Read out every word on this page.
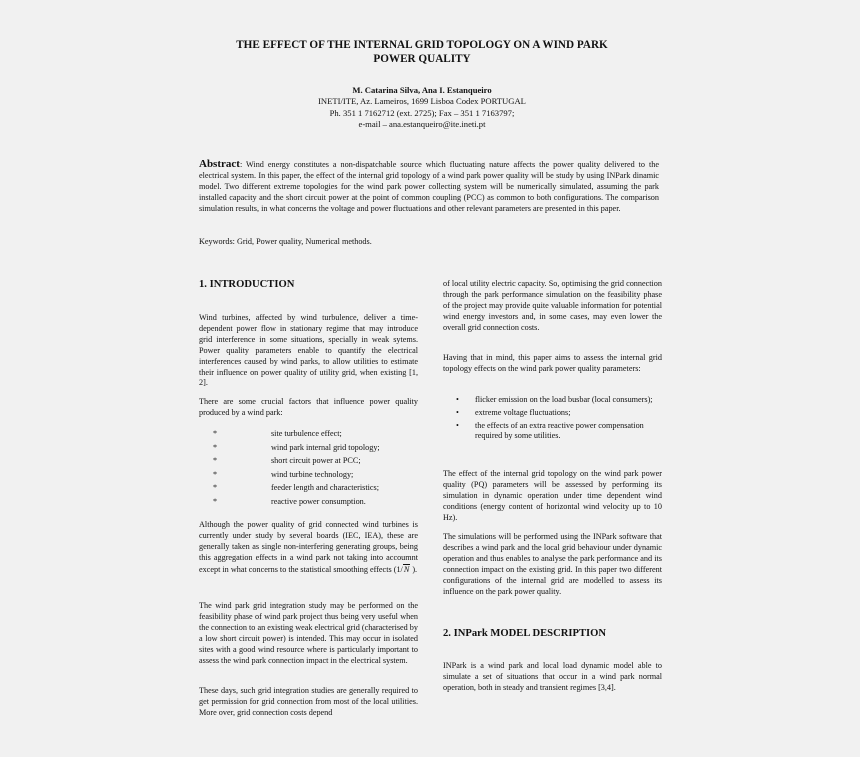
THE EFFECT OF THE INTERNAL GRID TOPOLOGY ON A WIND PARK
POWER QUALITY
M. Catarina Silva, Ana I. Estanqueiro
INETI/ITE, Az. Lameiros, 1699 Lisboa Codex PORTUGAL
Ph. 351 1 7162712 (ext. 2725); Fax – 351 1 7163797;
e-mail – ana.estanqueiro@ite.ineti.pt
Abstract: Wind energy constitutes a non-dispatchable source which fluctuating nature affects the power quality delivered to the electrical system. In this paper, the effect of the internal grid topology of a wind park power quality will be study by using INPark dinamic model. Two different extreme topologies for the wind park power collecting system will be numerically simulated, assuming the park installed capacity and the short circuit power at the point of common coupling (PCC) as common to both configurations. The comparison simulation results, in what concerns the voltage and power fluctuations and other relevant parameters are presented in this paper.
Keywords: Grid, Power quality, Numerical methods.
1. INTRODUCTION
Wind turbines, affected by wind turbulence, deliver a time-dependent power flow in stationary regime that may introduce grid interference in some situations, specially in weak sytems. Power quality parameters enable to quantify the electrical interferences caused by wind parks, to allow utilities to estimate their influence on power quality of utility grid, when existing [1, 2].
There are some crucial factors that influence power quality produced by a wind park:
*	site turbulence effect;
*	wind park internal grid topology;
*	short circuit power at PCC;
*	wind turbine technology;
*	feeder length and characteristics;
*	reactive power consumption.
Although the power quality of grid connected wind turbines is currently under study by several boards (IEC, IEA), these are generally taken as single non-interfering generating groups, being this aggregation effects in a wind park not taking into accoumnt except in what concerns to the statistical smoothing effects (1/N ).
The wind park grid integration study may be performed on the feasibility phase of wind park project thus being very useful when the connection to an existing weak electrical grid (characterised by a low short circuit power) is intended. This may occur in isolated sites with a good wind resource where is particularly important to assess the wind park connection impact in the electrical system.
These days, such grid integration studies are generally required to get permission for grid connection from most of the local utilities. More over, grid connection costs depend
of local utility electric capacity. So, optimising the grid connection through the park performance simulation on the feasibility phase of the project may provide quite valuable information for potential wind energy investors and, in some cases, may even lower the overall grid connection costs.
Having that in mind, this paper aims to assess the internal grid topology effects on the wind park power quality parameters:
•	flicker emission on the load busbar (local consumers);
•	extreme voltage fluctuations;
•	the effects of an extra reactive power compensation required by some utilities.
The effect of the internal grid topology on the wind park power quality (PQ) parameters will be assessed by performing its simulation in dynamic operation under time dependent wind conditions (energy content of horizontal wind velocity up to 10 Hz).
The simulations will be performed using the INPark software that describes a wind park and the local grid behaviour under dynamic operation and thus enables to analyse the park performance and its connection impact on the existing grid. In this paper two different configurations of the internal grid are modelled to assess its influence on the park power quality.
2. INPark MODEL DESCRIPTION
INPark is a wind park and local load dynamic model able to simulate a set of situations that occur in a wind park normal operation, both in steady and transient regimes [3,4].
